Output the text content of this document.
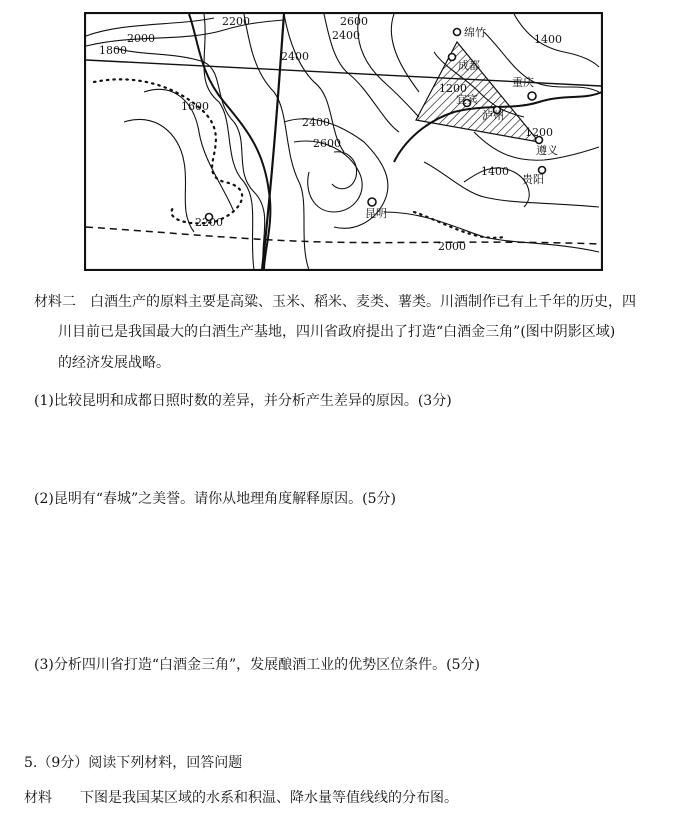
2200	2600
2400
2000
1800	2400
1600
2400
2600
2200
2000
1200
1400
1200
1400
绵竹
成都
重庆
宜宾
泸州
遵义
贵阳
昆明
材料二　白酒生产的原料主要是高粱、玉米、稻米、麦类、薯类。川酒制作已有上千年的历史，四
川目前已是我国最大的白酒生产基地，四川省政府提出了打造“白酒金三角”(图中阴影区域)
的经济发展战略。
(1)比较昆明和成都日照时数的差异，并分析产生差异的原因。(3分)
(2)昆明有“春城”之美誉。请你从地理角度解释原因。(5分)
(3)分析四川省打造“白酒金三角”，发展酿酒工业的优势区位条件。(5分)
5.（9分）阅读下列材料，回答问题
材料　　下图是我国某区域的水系和积温、降水量等值线线的分布图。
